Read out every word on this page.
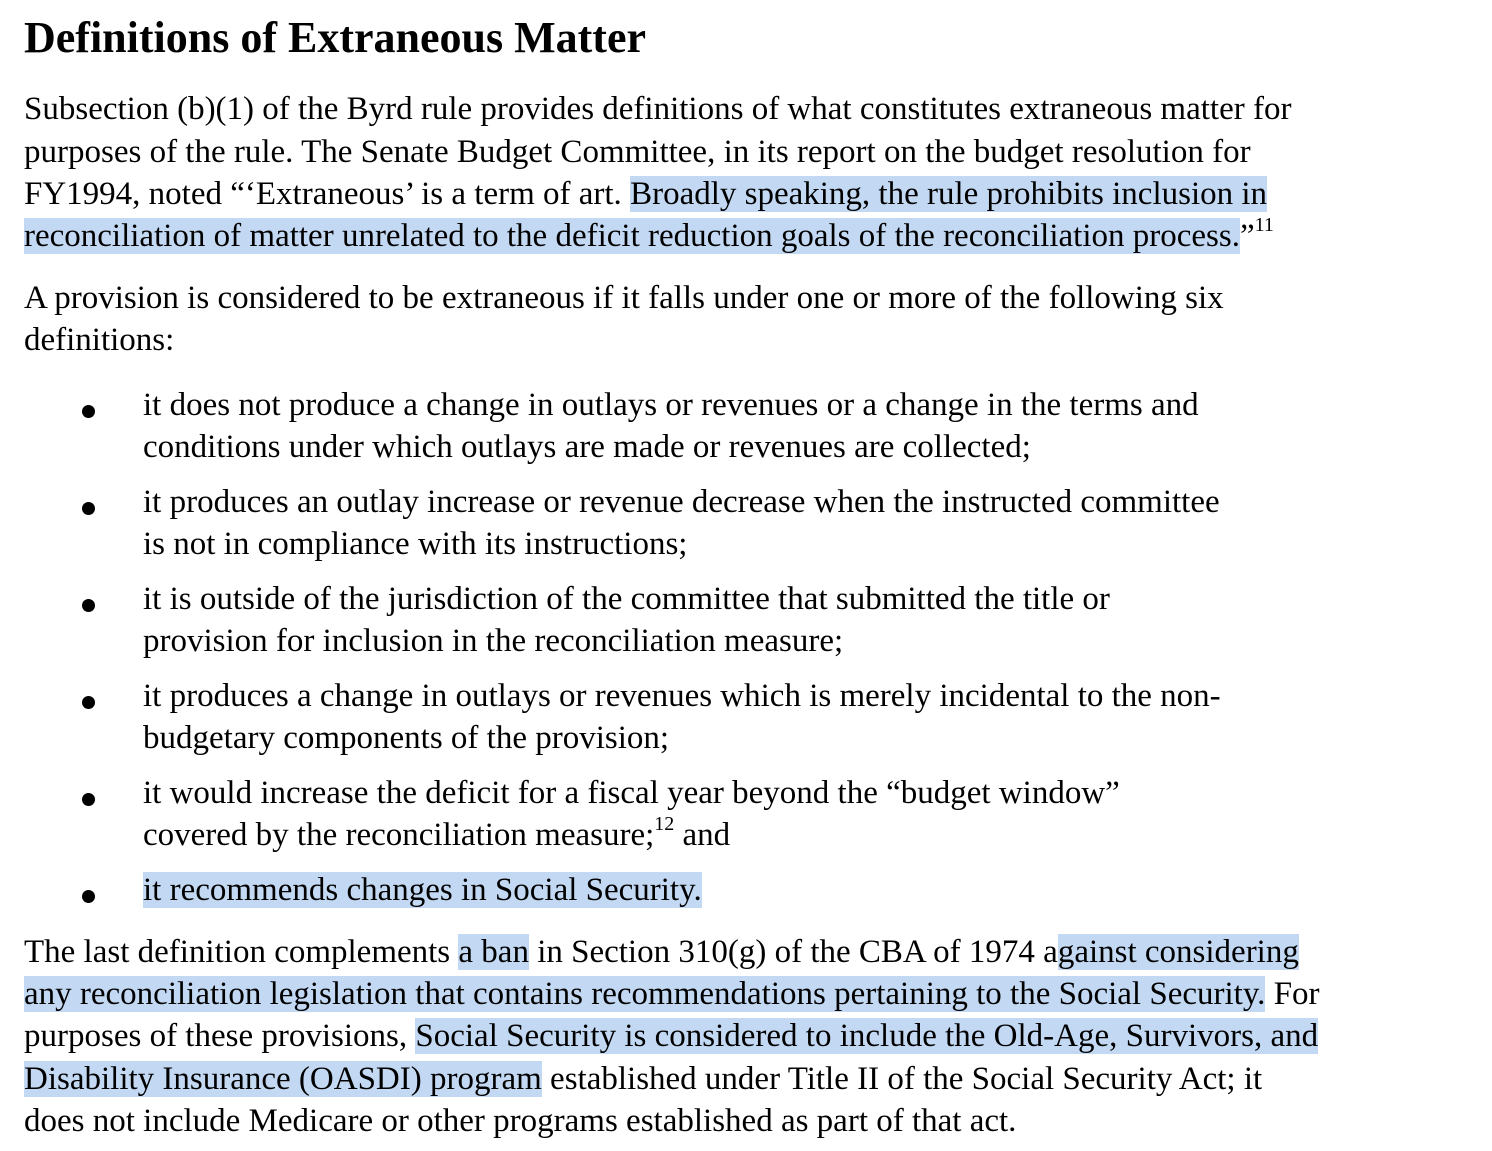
Definitions of Extraneous Matter
Subsection (b)(1) of the Byrd rule provides definitions of what constitutes extraneous matter for
purposes of the rule. The Senate Budget Committee, in its report on the budget resolution for
FY1994, noted “‘Extraneous’ is a term of art. Broadly speaking, the rule prohibits inclusion in
reconciliation of matter unrelated to the deficit reduction goals of the reconciliation process.”$^{11}$
A provision is considered to be extraneous if it falls under one or more of the following six
definitions:
it does not produce a change in outlays or revenues or a change in the terms and
conditions under which outlays are made or revenues are collected;
it produces an outlay increase or revenue decrease when the instructed committee
is not in compliance with its instructions;
it is outside of the jurisdiction of the committee that submitted the title or
provision for inclusion in the reconciliation measure;
it produces a change in outlays or revenues which is merely incidental to the non-
budgetary components of the provision;
it would increase the deficit for a fiscal year beyond the “budget window”
covered by the reconciliation measure;$^{12}$ and
it recommends changes in Social Security.
The last definition complements a ban in Section 310(g) of the CBA of 1974 against considering
any reconciliation legislation that contains recommendations pertaining to the Social Security. For
purposes of these provisions, Social Security is considered to include the Old-Age, Survivors, and
Disability Insurance (OASDI) program established under Title II of the Social Security Act; it
does not include Medicare or other programs established as part of that act.
